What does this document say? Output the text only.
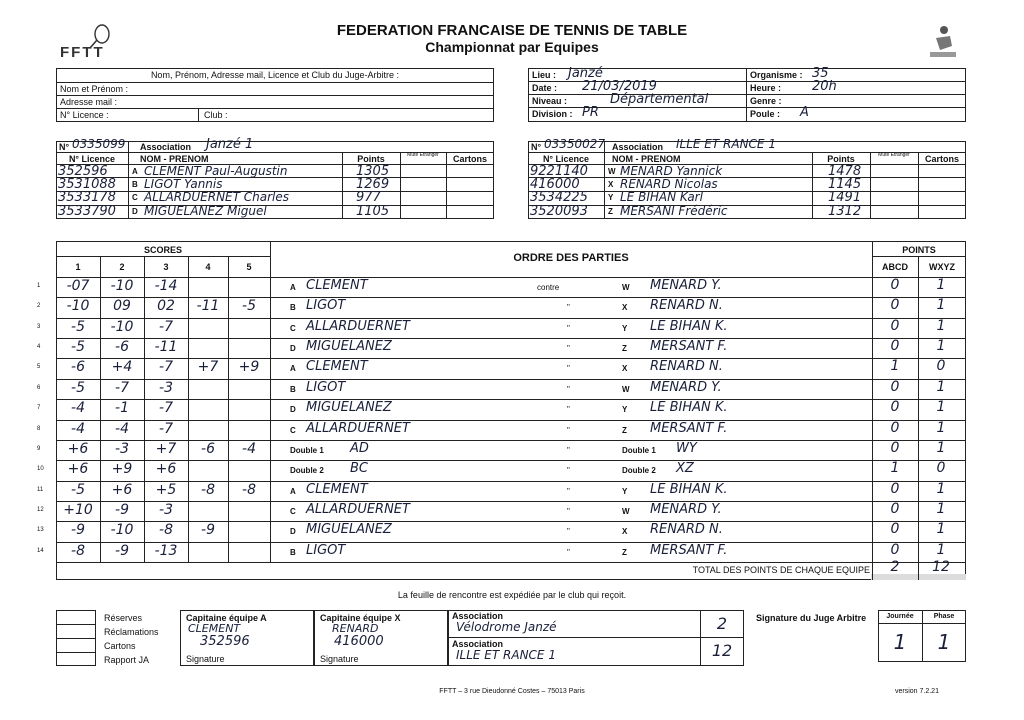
FFTT
FEDERATION FRANCAISE DE TENNIS DE TABLE
Championnat par Equipes
Nom, Prénom, Adresse mail, Licence et Club du Juge-Arbitre :
Nom et Prénom :
Adresse mail :
N° Licence :	Club :
Lieu : Janzé
Date : 21/03/2019
Niveau :	Départemental
Division : PR
Organisme : 35
Heure : 20h
Genre :
Poule : A
N° 0335099 Association Janzé 1
N° Licence	NOM - PRENOM	Points	Muté Etranger	Cartons
352596	A CLEMENT Paul-Augustin	1305
3531088 B LIGOT Yannis	1269
3533178 C ALLARDUERNET Charles	977
3533790 D MIGUELANEZ Miguel	1105
N° 03350027 Association ILLE ET RANCE 1
N° Licence	NOM - PRENOM	Points	Muté Etranger	Cartons
9221140	W MENARD Yannick	1478
416000	X RENARD Nicolas	1145
3534225	Y LE BIHAN Karl	1491
3520093	Z MERSANI Frédéric	1312
SCORES
ORDRE DES PARTIES
POINTS
1	2	3	4	5	ABCD	WXYZ
1	-07	-10	-14	A CLEMENT	contre	W MENARD Y.	0	1
2	-10	09	02	-11	-5	B LIGOT	"	X RENARD N.	0	1
3	-5	-10	-7	C ALLARDUERNET	"	Y LE BIHAN K.	0	1
4	-5	-6	-11	D MIGUELANEZ	"	Z MERSANT F.	0	1
5	-6	+4	-7	+7	+9	A CLEMENT	"	X RENARD N.	1	0
6	-5	-7	-3	B LIGOT	"	W MENARD Y.	0	1
7	-4	-1	-7	D MIGUELANEZ	"	Y LE BIHAN K.	0	1
8	-4	-4	-7	C ALLARDUERNET	"	Z MERSANT F.	0	1
9	+6	-3	+7	-6	-4	Double 1 AD	"	Double 1 WY	0	1
10	+6	+9	+6	Double 2 BC	"	Double 2 XZ	1	0
11	-5	+6	+5	-8	-8	A CLEMENT	"	Y LE BIHAN K.	0	1
12	+10	-9	-3	C ALLARDUERNET	"	W MENARD Y.	0	1
13	-9	-10	-8	-9	D MIGUELANEZ	"	X RENARD N.	0	1
14	-8	-9	-13	B LIGOT	"	Z MERSANT F.	0	1
TOTAL DES POINTS DE CHAQUE EQUIPE	2	12
La feuille de rencontre est expédiée par le club qui reçoit.
Réserves
Réclamations
Cartons
Rapport JA
Capitaine équipe A
CLEMENT
352596
Signature
Capitaine équipe X
RENARD
416000
Signature
Association
Vélodrome Janzé
Association
ILLE ET RANCE 1
2
12
Signature du Juge Arbitre	Journée	Phase
1	1
FFTT – 3 rue Dieudonné Costes – 75013 Paris	version 7.2.21
